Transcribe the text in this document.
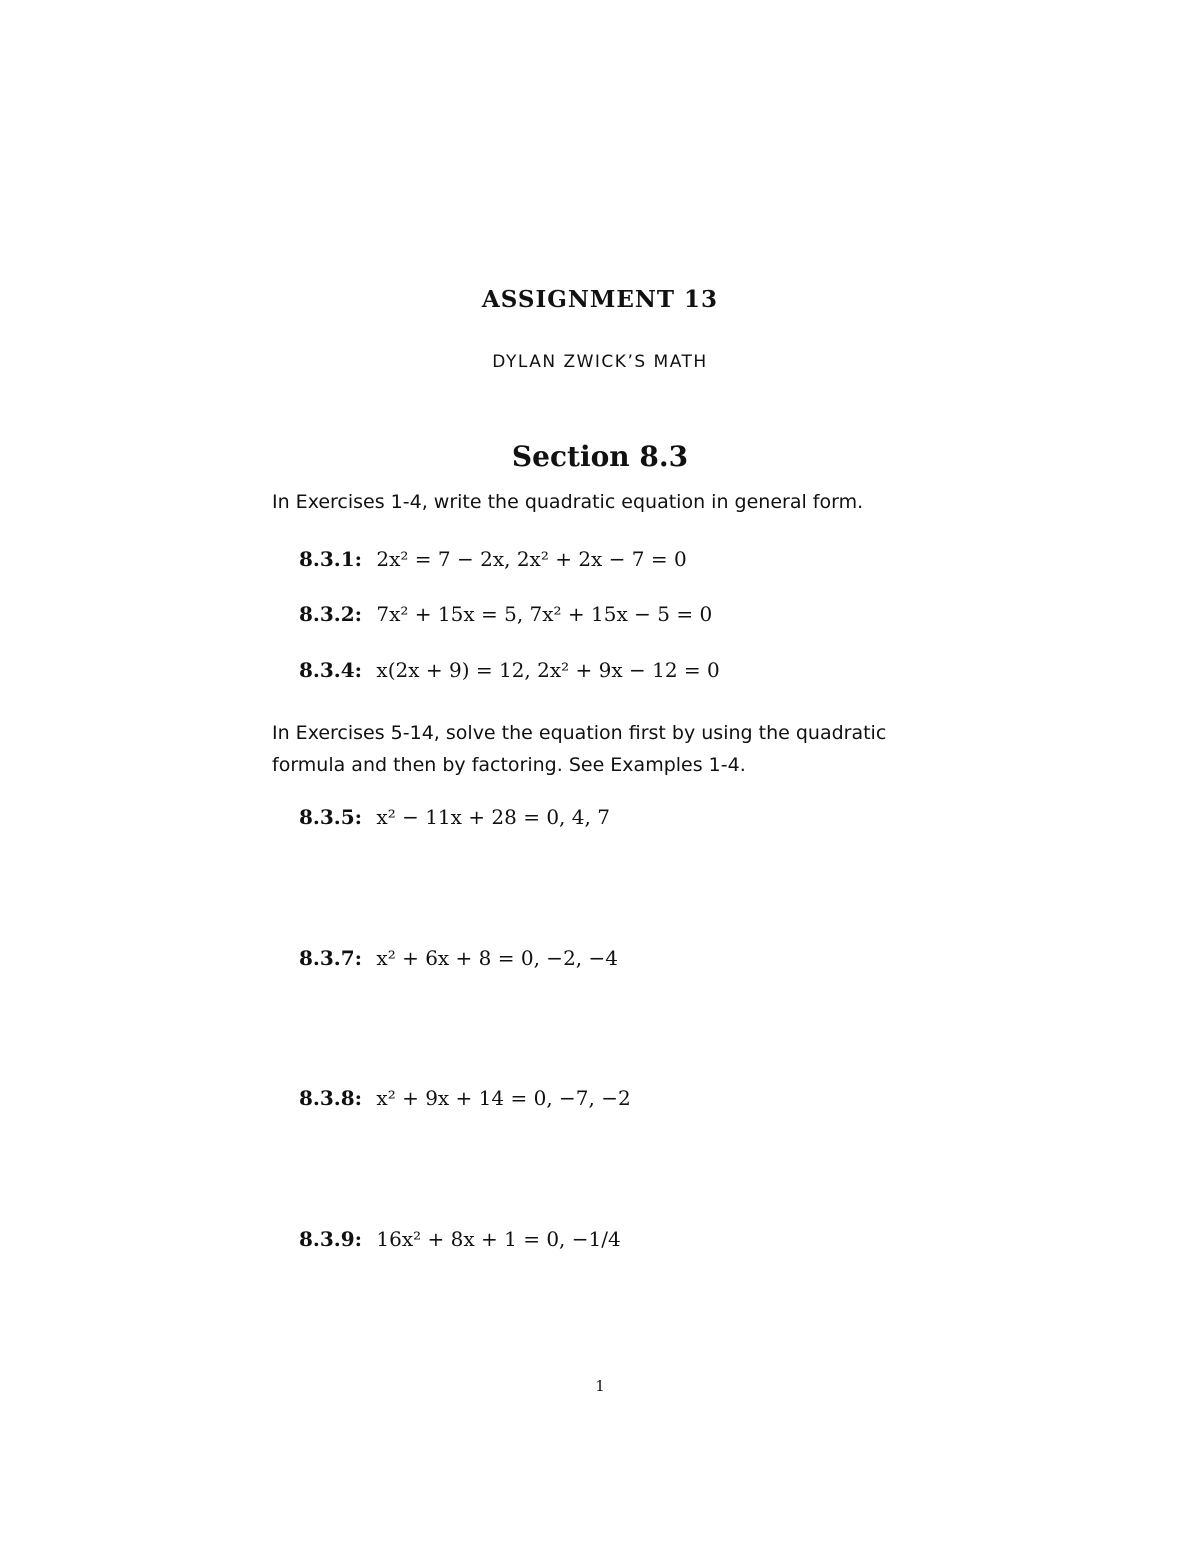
ASSIGNMENT 13
DYLAN ZWICK’S MATH
Section 8.3
In Exercises 1-4, write the quadratic equation in general form.
8.3.1: 2x² = 7 − 2x, 2x² + 2x − 7 = 0
8.3.2: 7x² + 15x = 5, 7x² + 15x − 5 = 0
8.3.4: x(2x + 9) = 12, 2x² + 9x − 12 = 0
In Exercises 5-14, solve the equation first by using the quadratic formula and then by factoring. See Examples 1-4.
8.3.5: x² − 11x + 28 = 0, 4, 7
8.3.7: x² + 6x + 8 = 0, −2, −4
8.3.8: x² + 9x + 14 = 0, −7, −2
8.3.9: 16x² + 8x + 1 = 0, −1/4
1
